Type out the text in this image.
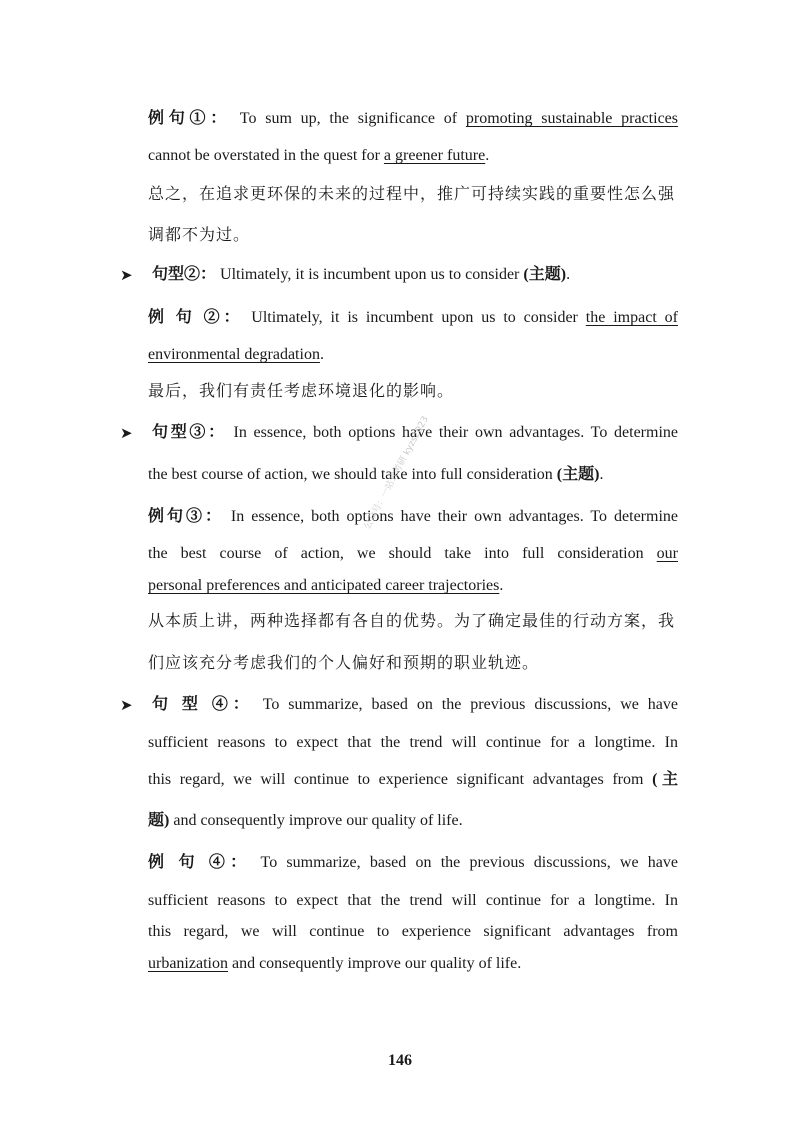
例句①： To sum up, the significance of promoting sustainable practices
cannot be overstated in the quest for a greener future.
总之，在追求更环保的未来的过程中，推广可持续实践的重要性怎么强
调都不为过。
➤ 句型②： Ultimately, it is incumbent upon us to consider (主题).
例 句 ②： Ultimately, it is incumbent upon us to consider the impact of
environmental degradation.
最后，我们有责任考虑环境退化的影响。
➤ 句型③： In essence, both options have their own advantages. To determine
the best course of action, we should take into full consideration (主题).
例句③： In essence, both options have their own advantages. To determine
the best course of action, we should take into full consideration our
personal preferences and anticipated career trajectories.
从本质上讲，两种选择都有各自的优势。为了确定最佳的行动方案，我
们应该充分考虑我们的个人偏好和预期的职业轨迹。
➤ 句 型 ④： To summarize, based on the previous discussions, we have
sufficient reasons to expect that the trend will continue for a longtime. In
this regard, we will continue to experience significant advantages from (主
题) and consequently improve our quality of life.
例 句 ④： To summarize, based on the previous discussions, we have
sufficient reasons to expect that the trend will continue for a longtime. In
this regard, we will continue to experience significant advantages from
urbanization and consequently improve our quality of life.
公众号：一站式考研 kyzs2023
146
